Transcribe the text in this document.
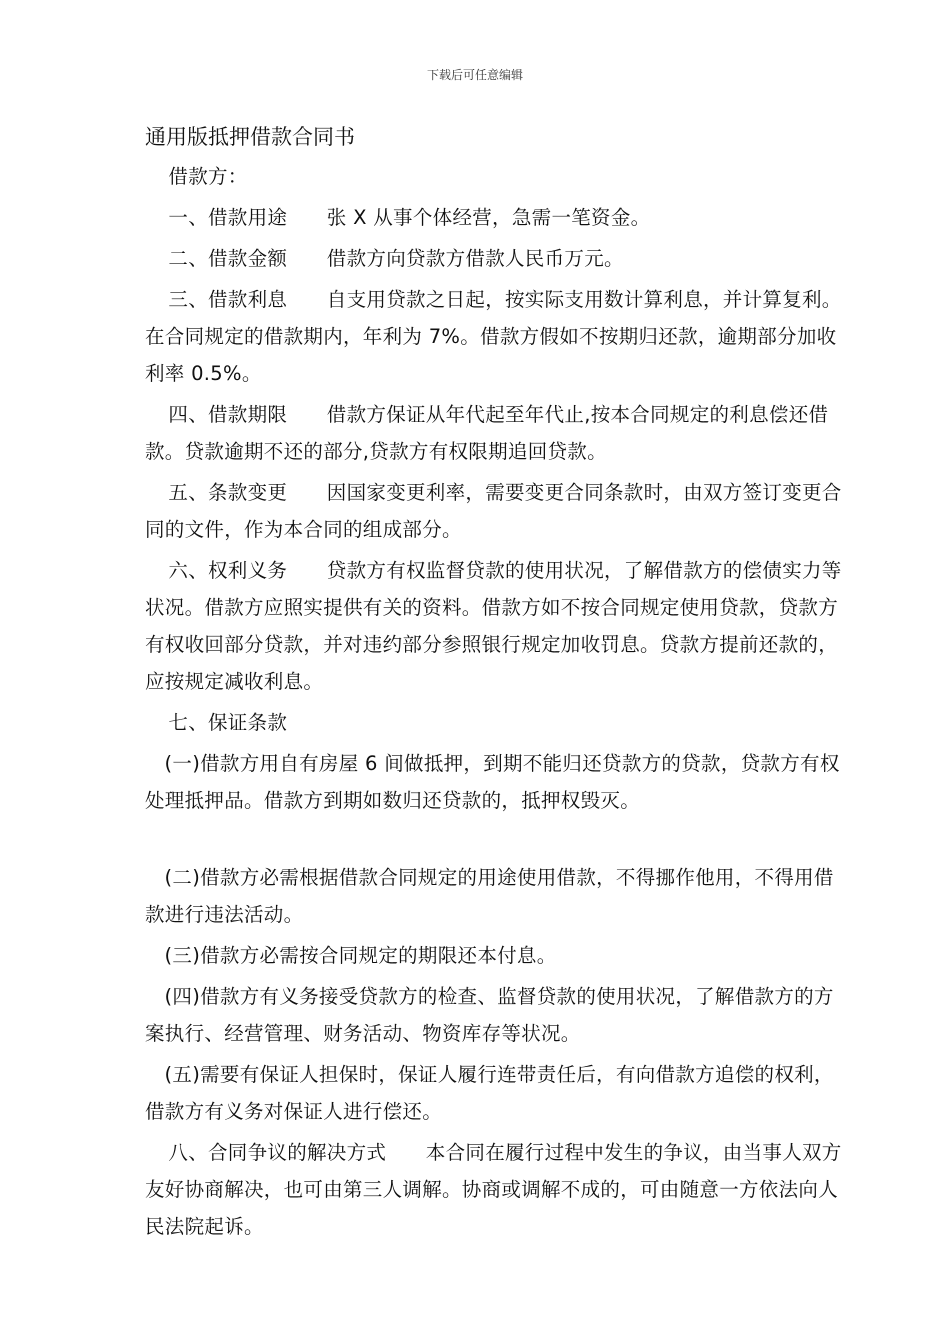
下载后可任意编辑
通用版抵押借款合同书

借款方：

一、借款用途　　张 X 从事个体经营，急需一笔资金。

二、借款金额　　借款方向贷款方借款人民币万元。

三、借款利息　　自支用贷款之日起，按实际支用数计算利息，并计算复利。在合同规定的借款期内，年利为 7%。借款方假如不按期归还款，逾期部分加收利率 0.5%。

四、借款期限　　借款方保证从年代起至年代止,按本合同规定的利息偿还借款。贷款逾期不还的部分,贷款方有权限期追回贷款。

五、条款变更　　因国家变更利率，需要变更合同条款时，由双方签订变更合同的文件，作为本合同的组成部分。

六、权利义务　　贷款方有权监督贷款的使用状况，了解借款方的偿债实力等状况。借款方应照实提供有关的资料。借款方如不按合同规定使用贷款，贷款方有权收回部分贷款，并对违约部分参照银行规定加收罚息。贷款方提前还款的，应按规定减收利息。

七、保证条款

(一)借款方用自有房屋 6 间做抵押，到期不能归还贷款方的贷款，贷款方有权处理抵押品。借款方到期如数归还贷款的，抵押权毁灭。

(二)借款方必需根据借款合同规定的用途使用借款，不得挪作他用，不得用借款进行违法活动。

(三)借款方必需按合同规定的期限还本付息。

(四)借款方有义务接受贷款方的检查、监督贷款的使用状况，了解借款方的方案执行、经营管理、财务活动、物资库存等状况。

(五)需要有保证人担保时，保证人履行连带责任后，有向借款方追偿的权利，借款方有义务对保证人进行偿还。

八、合同争议的解决方式　　本合同在履行过程中发生的争议，由当事人双方友好协商解决，也可由第三人调解。协商或调解不成的，可由随意一方依法向人民法院起诉。
